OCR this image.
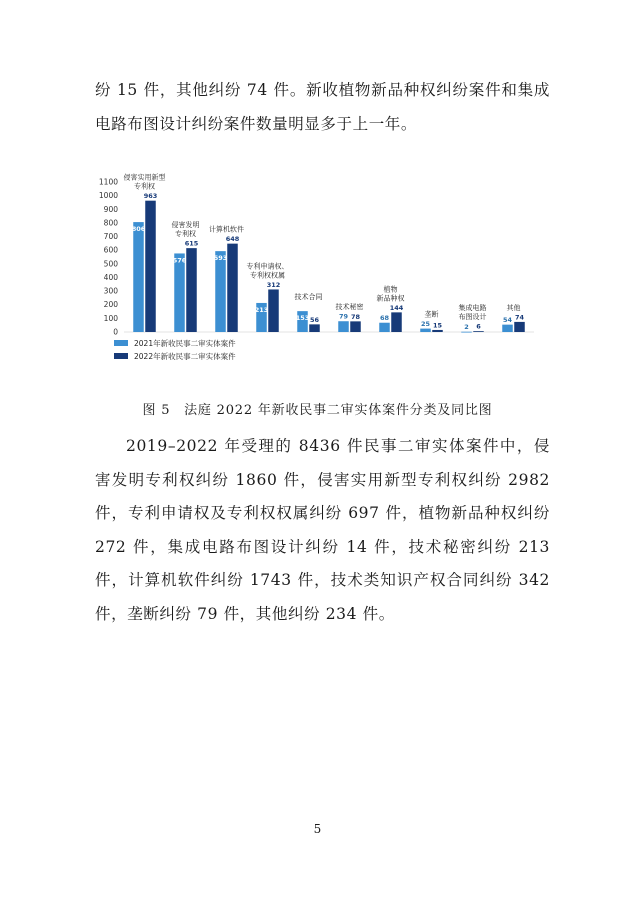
纷 15 件，其他纠纷 74 件。新收植物新品种权纠纷案件和集成电路布图设计纠纷案件数量明显多于上一年。

0
100
200
300
400
500
600
700
800
900
1000
1100
806
963
侵害实用新型
专利权
576
615
侵害发明
专利权
593
648
计算机软件
213
312
专利申请权、
专利权权属
153 56
技术合同
79 78
技术秘密
68
144
植物
新品种权
25 15
垄断
2 6
集成电路
布图设计	54 74
其他
2021年新收民事二审实体案件
2022年新收民事二审实体案件

图 5　法庭 2022 年新收民事二审实体案件分类及同比图

2019–2022 年受理的 8436 件民事二审实体案件中，侵害发明专利权纠纷 1860 件，侵害实用新型专利权纠纷 2982 件，专利申请权及专利权权属纠纷 697 件，植物新品种权纠纷 272 件，集成电路布图设计纠纷 14 件，技术秘密纠纷 213 件，计算机软件纠纷 1743 件，技术类知识产权合同纠纷 342 件，垄断纠纷 79 件，其他纠纷 234 件。

5
